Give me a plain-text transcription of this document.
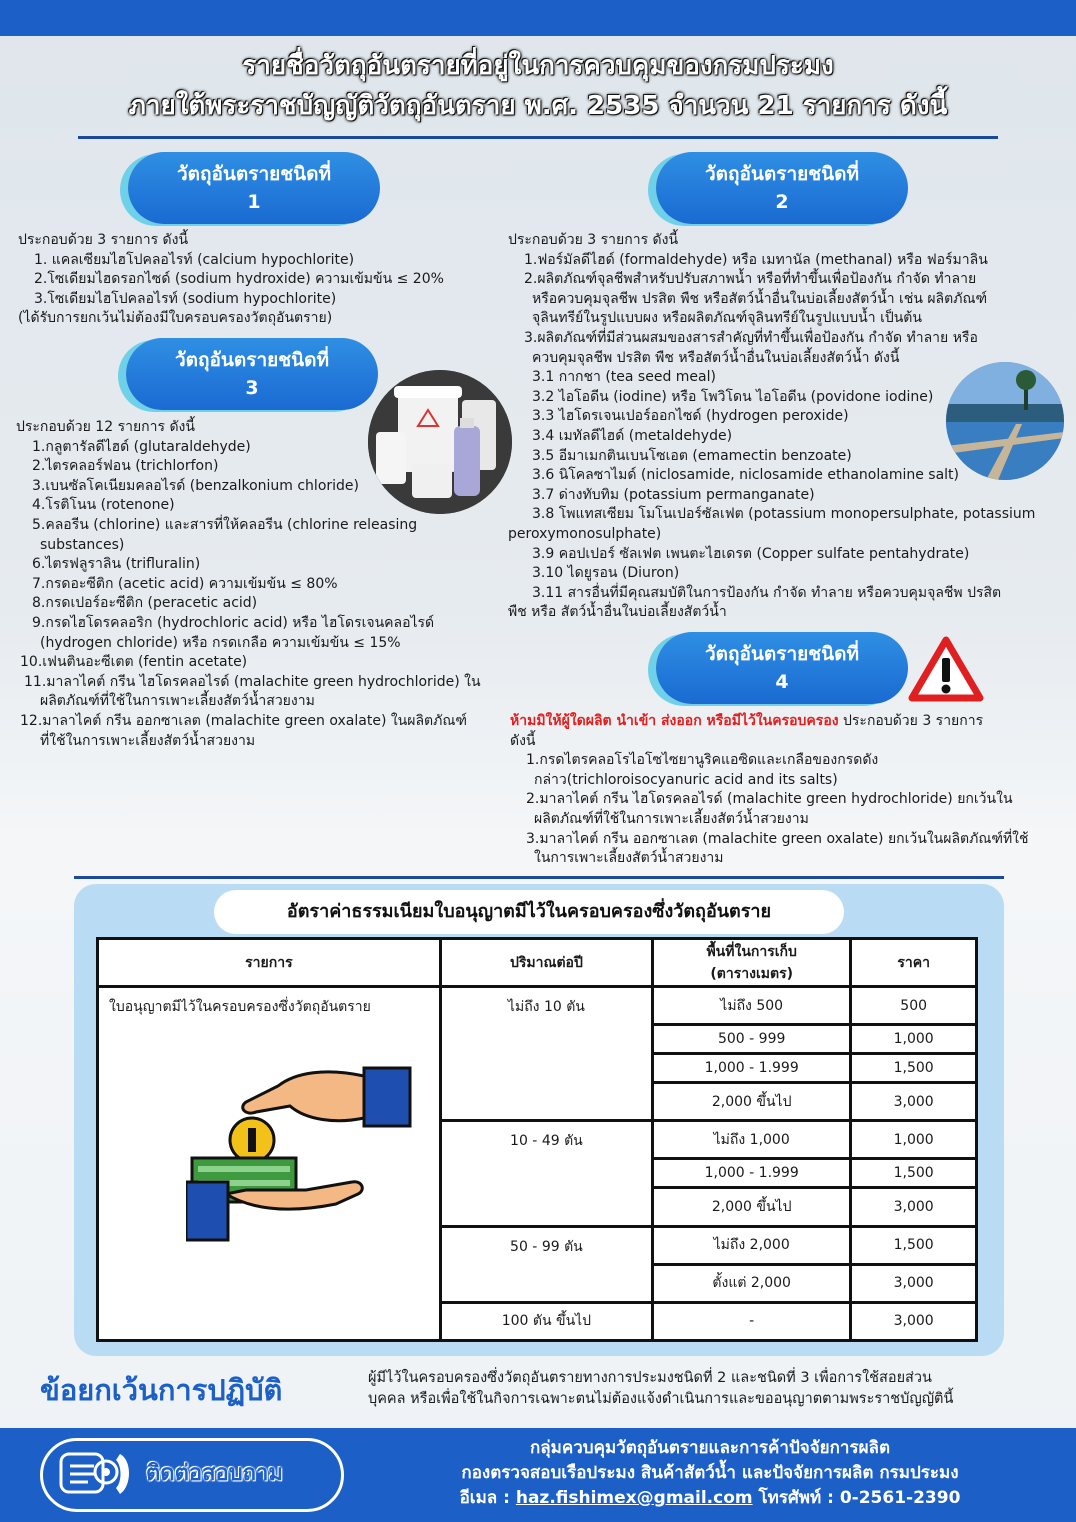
รายชื่อวัตถุอันตรายที่อยู่ในการควบคุมของกรมประมง
ภายใต้พระราชบัญญัติวัตถุอันตราย พ.ศ. 2535 จำนวน 21 รายการ ดังนี้
วัตถุอันตรายชนิดที่
1
ประกอบด้วย 3 รายการ ดังนี้
1. แคลเซียมไฮโปคลอไรท์ (calcium hypochlorite)
2.โซเดียมไฮดรอกไซด์ (sodium hydroxide) ความเข้มข้น ≤ 20%
3.โซเดียมไฮโปคลอไรท์ (sodium hypochlorite)
(ได้รับการยกเว้นไม่ต้องมีใบครอบครองวัตถุอันตราย)
วัตถุอันตรายชนิดที่
3
ประกอบด้วย 12 รายการ ดังนี้
1.กลูตารัลดีไฮด์ (glutaraldehyde)
2.ไตรคลอร์ฟอน (trichlorfon)
3.เบนซัลโคเนียมคลอไรด์ (benzalkonium chloride)
4.โรติโนน (rotenone)
5.คลอรีน (chlorine) และสารที่ให้คลอรีน (chlorine releasing
substances)
6.ไตรฟลูราลิน (trifluralin)
7.กรดอะซีติก (acetic acid) ความเข้มข้น ≤ 80%
8.กรดเปอร์อะซีติก (peracetic acid)
9.กรดไฮโดรคลอริก (hydrochloric acid) หรือ ไฮโดรเจนคลอไรด์
(hydrogen chloride) หรือ กรดเกลือ ความเข้มข้น ≤ 15%
10.เฟนตินอะซีเตต (fentin acetate)
11.มาลาไคต์ กรีน ไฮโดรคลอไรด์ (malachite green hydrochloride) ใน
ผลิตภัณฑ์ที่ใช้ในการเพาะเลี้ยงสัตว์น้ำสวยงาม
12.มาลาไคต์ กรีน ออกซาเลต (malachite green oxalate) ในผลิตภัณฑ์
ที่ใช้ในการเพาะเลี้ยงสัตว์น้ำสวยงาม
วัตถุอันตรายชนิดที่
2
ประกอบด้วย 3 รายการ ดังนี้
1.ฟอร์มัลดีไฮด์ (formaldehyde) หรือ เมทานัล (methanal) หรือ ฟอร์มาลิน
2.ผลิตภัณฑ์จุลชีพสำหรับปรับสภาพน้ำ หรือที่ทำขึ้นเพื่อป้องกัน กำจัด ทำลาย
หรือควบคุมจุลชีพ ปรสิต พืช หรือสัตว์น้ำอื่นในบ่อเลี้ยงสัตว์น้ำ เช่น ผลิตภัณฑ์
จุลินทรีย์ในรูปแบบผง หรือผลิตภัณฑ์จุลินทรีย์ในรูปแบบน้ำ เป็นต้น
3.ผลิตภัณฑ์ที่มีส่วนผสมของสารสำคัญที่ทำขึ้นเพื่อป้องกัน กำจัด ทำลาย หรือ
ควบคุมจุลชีพ ปรสิต พืช หรือสัตว์น้ำอื่นในบ่อเลี้ยงสัตว์น้ำ ดังนี้
3.1 กากชา (tea seed meal)
3.2 ไอโอดีน (iodine) หรือ โพวิโดน ไอโอดีน (povidone iodine)
3.3 ไฮโดรเจนเปอร์ออกไซด์ (hydrogen peroxide)
3.4 เมทัลดีไฮด์ (metaldehyde)
3.5 อีมาเมกตินเบนโซเอต (emamectin benzoate)
3.6 นิโคลซาไมด์ (niclosamide, niclosamide ethanolamine salt)
3.7 ด่างทับทิม (potassium permanganate)
3.8 โพแทสเซียม โมโนเปอร์ซัลเฟต (potassium monopersulphate, potassium
peroxymonosulphate)
3.9 คอปเปอร์ ซัลเฟต เพนตะไฮเดรต (Copper sulfate pentahydrate)
3.10 ไดยูรอน (Diuron)
3.11 สารอื่นที่มีคุณสมบัติในการป้องกัน กำจัด ทำลาย หรือควบคุมจุลชีพ ปรสิต
พืช หรือ สัตว์น้ำอื่นในบ่อเลี้ยงสัตว์น้ำ
วัตถุอันตรายชนิดที่
4
ห้ามมิให้ผู้ใดผลิต นำเข้า ส่งออก หรือมีไว้ในครอบครอง ประกอบด้วย 3 รายการ
ดังนี้
1.กรดไตรคลอโรไอโซไซยานูริคแอซิดและเกลือของกรดดัง
กล่าว(trichloroisocyanuric acid and its salts)
2.มาลาไคต์ กรีน ไฮโดรคลอไรด์ (malachite green hydrochloride) ยกเว้นใน
ผลิตภัณฑ์ที่ใช้ในการเพาะเลี้ยงสัตว์น้ำสวยงาม
3.มาลาไคต์ กรีน ออกซาเลต (malachite green oxalate) ยกเว้นในผลิตภัณฑ์ที่ใช้
ในการเพาะเลี้ยงสัตว์น้ำสวยงาม
อัตราค่าธรรมเนียมใบอนุญาตมีไว้ในครอบครองซึ่งวัตถุอันตราย
รายการ	ปริมาณต่อปี	พื้นที่ในการเก็บ
(ตารางเมตร)	ราคา
ใบอนุญาตมีไว้ในครอบครองซึ่งวัตถุอันตราย	ไม่ถึง 10 ตัน	ไม่ถึง 500	500
		500 - 999	1,000
		1,000 - 1.999	1,500
		2,000 ขึ้นไป	3,000
	10 - 49 ตัน	ไม่ถึง 1,000	1,000
		1,000 - 1.999	1,500
		2,000 ขึ้นไป	3,000
	50 - 99 ตัน	ไม่ถึง 2,000	1,500
		ตั้งแต่ 2,000	3,000
	100 ตัน ขึ้นไป	-	3,000
ข้อยกเว้นการปฏิบัติ	ผู้มีไว้ในครอบครองซึ่งวัตถุอันตรายทางการประมงชนิดที่ 2 และชนิดที่ 3 เพื่อการใช้สอยส่วน
บุคคล หรือเพื่อใช้ในกิจการเฉพาะตนไม่ต้องแจ้งดำเนินการและขออนุญาตตามพระราชบัญญัตินี้
ติดต่อสอบถาม
กลุ่มควบคุมวัตถุอันตรายและการค้าปัจจัยการผลิต
กองตรวจสอบเรือประมง สินค้าสัตว์น้ำ และปัจจัยการผลิต กรมประมง
อีเมล : haz.fishimex@gmail.com โทรศัพท์ : 0-2561-2390
